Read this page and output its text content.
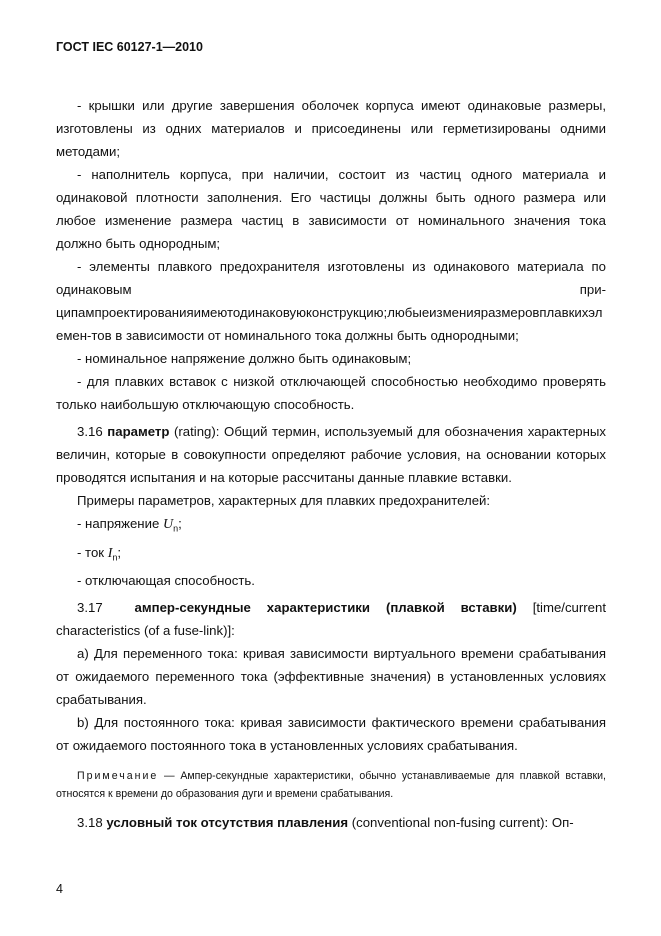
ГОСТ IEC 60127-1—2010

- крышки или другие завершения оболочек корпуса имеют одинаковые размеры, изготовлены из одних материалов и присоединены или герметизированы одними методами;

- наполнитель корпуса, при наличии, состоит из частиц одного материала и одинаковой плотности заполнения. Его частицы должны быть одного размера или любое изменение размера частиц в зависимости от номинального значения тока должно быть однородным;

- элементы плавкого предохранителя изготовлены из одинакового материала по одинаковым при-

ципампроектированияимеютодинаковуюконструкцию;любыеизменияразмеровплавкихэлемен-тов в зависимости от номинального тока должны быть однородными;

- номинальное напряжение должно быть одинаковым;

- для плавких вставок с низкой отключающей способностью необходимо проверять только наибольшую отключающую способность.

3.16 параметр (rating): Общий термин, используемый для обозначения характерных величин, которые в совокупности определяют рабочие условия, на основании которых проводятся испытания и на которые рассчитаны данные плавкие вставки.

Примеры параметров, характерных для плавких предохранителей:

- напряжение $U_n$;

- ток $I_n$;

- отключающая способность.

3.17 ампер-секундные характеристики (плавкой вставки) [time/current characteristics (of a fuse-link)]:

a) Для переменного тока: кривая зависимости виртуального времени срабатывания от ожидаемого переменного тока (эффективные значения) в установленных условиях срабатывания.

b) Для постоянного тока: кривая зависимости фактического времени срабатывания от ожидаемого постоянного тока в установленных условиях срабатывания.

Примечание — Ампер-секундные характеристики, обычно устанавливаемые для плавкой вставки, относятся к времени до образования дуги и времени срабатывания.

3.18 условный ток отсутствия плавления (conventional non-fusing current): Оп-

4
